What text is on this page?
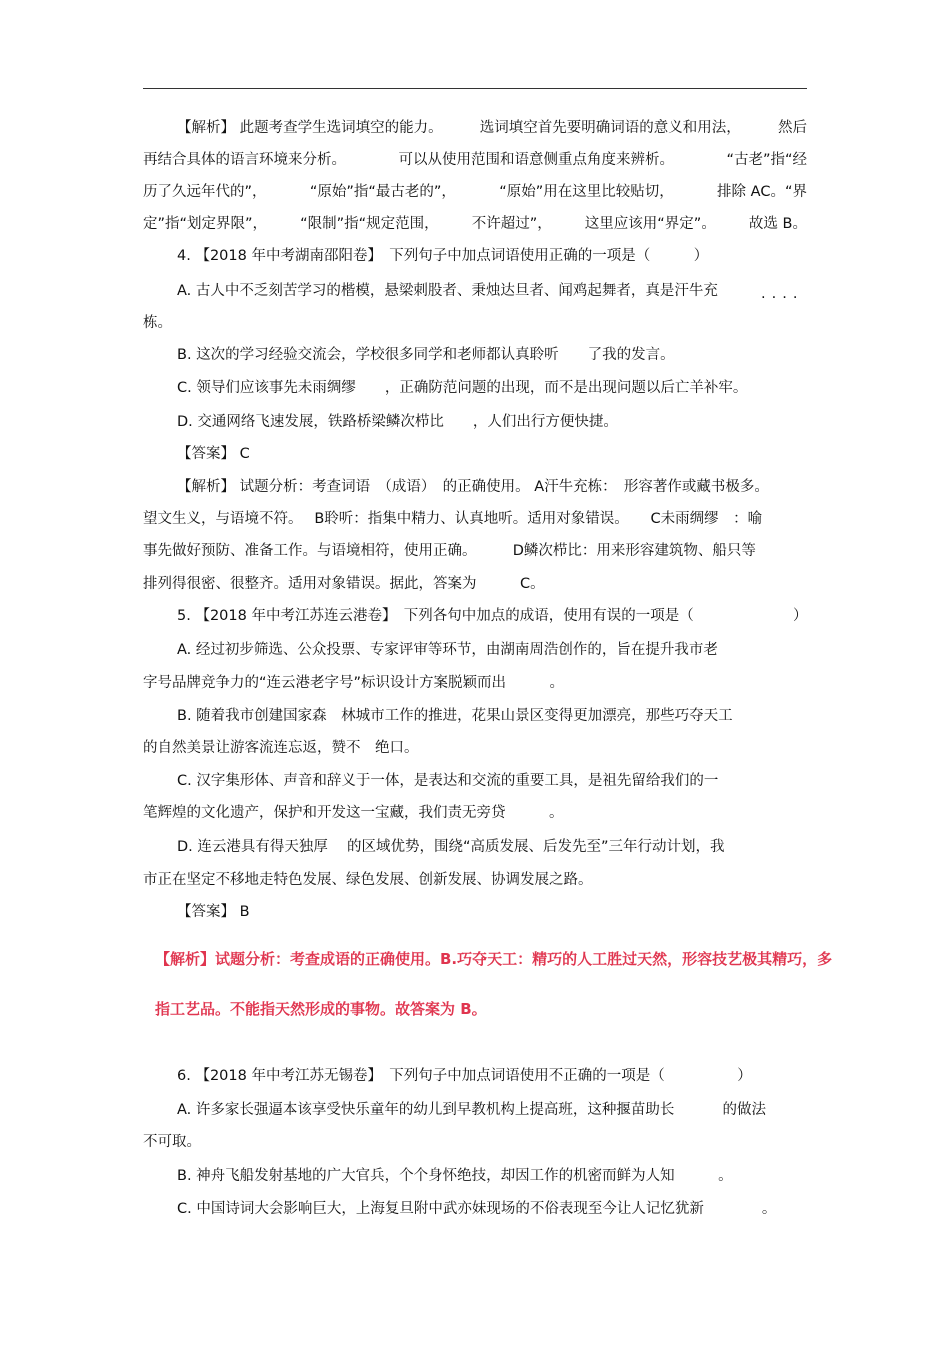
【解析】 此题考查学生选词填空的能力。	选词填空首先要明确词语的意义和用法，	然后
再结合具体的语言环境来分析。	可以从使用范围和语意侧重点角度来辨析。	“古老”指“经
历了久远年代的”，	“原始”指“最古老的”，	“原始”用在这里比较贴切，	排除 AC。“界
定”指“划定界限”， “限制”指“规定范围， 不许超过”， 这里应该用“界定”。 故选 B。
4. 【2018 年中考湖南邵阳卷】　下列句子中加点词语使用正确的一项是（　　　）
A. 古人中不乏刻苦学习的楷模，悬梁刺股者、秉烛达旦者、闻鸡起舞者，真是汗牛充	....
栋。
B. 这次的学习经验交流会，学校很多同学和老师都认真聆听　　了我的发言。
C. 领导们应该事先未雨绸缪　　，正确防范问题的出现，而不是出现问题以后亡羊补牢。
D. 交通网络飞速发展，铁路桥梁鳞次栉比　　，人们出行方便快捷。
【答案】 C
【解析】 试题分析：考查词语　（成语）　的正确使用。 A汗牛充栋：　形容著作或藏书极多。
望文生义，与语境不符。　 B聆听：指集中精力、认真地听。适用对象错误。　　C未雨绸缪　：喻
事先做好预防、准备工作。与语境相符，使用正确。　　　D鳞次栉比：用来形容建筑物、船只等
排列得很密、很整齐。适用对象错误。据此，答案为　　　C。
5. 【2018 年中考江苏连云港卷】　下列各句中加点的成语，使用有误的一项是（	）
A. 经过初步筛选、公众投票、专家评审等环节，由湖南周浩创作的，旨在提升我市老
字号品牌竞争力的“连云港老字号”标识设计方案脱颖而出　　　。
B. 随着我市创建国家森　林城市工作的推进，花果山景区变得更加漂亮，那些巧夺天工
的自然美景让游客流连忘返，赞不　绝口。
C. 汉字集形体、声音和辞义于一体，是表达和交流的重要工具，是祖先留给我们的一
笔辉煌的文化遗产，保护和开发这一宝藏，我们责无旁贷　　　。
D. 连云港具有得天独厚　 的区域优势，围绕“高质发展、后发先至”三年行动计划，我
市正在坚定不移地走特色发展、绿色发展、创新发展、协调发展之路。
【答案】 B
6. 【2018 年中考江苏无锡卷】　下列句子中加点词语使用不正确的一项是（　　　　　）
A. 许多家长强逼本该享受快乐童年的幼儿到早教机构上提高班，这种揠苗助长　　　 的做法
不可取。
B. 神舟飞船发射基地的广大官兵，个个身怀绝技，却因工作的机密而鲜为人知　　　。
C. 中国诗词大会影响巨大，上海复旦附中武亦妹现场的不俗表现至今让人记忆犹新　　　　。
【解析】试题分析：考查成语的正确使用。B.巧夺天工：精巧的人工胜过天然，形容技艺极其精巧，多
指工艺品。不能指天然形成的事物。故答案为 B。
